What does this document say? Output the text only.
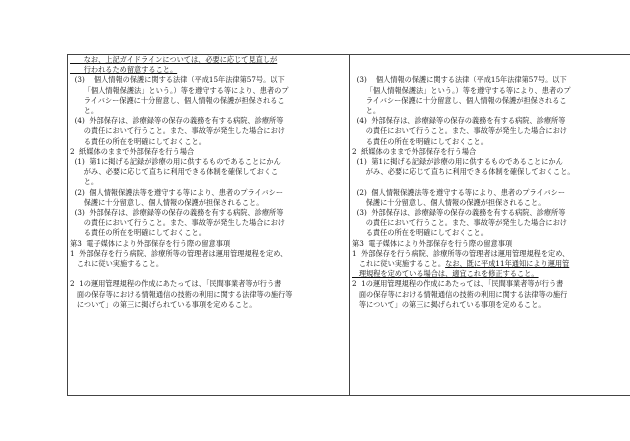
なお、上記ガイドラインについては、必要に応じて見直しが
行われるため留意すること。
(3)    個人情報の保護に関する法律（平成15年法律第57号。以下
「個人情報保護法」という。）等を遵守する等により、患者のプ
ライバシー保護に十分留意し、個人情報の保護が担保されるこ
と。
(4)  外部保存は、診療録等の保存の義務を有する病院、診療所等
の責任において行うこと。また、事故等が発生した場合におけ
る責任の所在を明確にしておくこと。
2  紙媒体のままで外部保存を行う場合
(1)  第1に掲げる記録が診療の用に供するものであることにかん
がみ、必要に応じて直ちに利用できる体制を確保しておくこ
と。
(2)  個人情報保護法等を遵守する等により、患者のプライバシー
保護に十分留意し、個人情報の保護が担保されること。
(3)  外部保存は、診療録等の保存の義務を有する病院、診療所等
の責任において行うこと。また、事故等が発生した場合におけ
る責任の所在を明確にしておくこと。
第3  電子媒体により外部保存を行う際の留意事項
1  外部保存を行う病院、診療所等の管理者は運用管理規程を定め、
これに従い実施すること。

2  1の運用管理規程の作成にあたっては、「民間事業者等が行う書
面の保存等における情報通信の技術の利用に関する法律等の施行等
について」の第三に掲げられている事項を定めること。

(3)    個人情報の保護に関する法律（平成15年法律第57号。以下
「個人情報保護法」という。）等を遵守する等により、患者のプ
ライバシー保護に十分留意し、個人情報の保護が担保されるこ
と。
(4)  外部保存は、診療録等の保存の義務を有する病院、診療所等
の責任において行うこと。また、事故等が発生した場合におけ
る責任の所在を明確にしておくこと。
2  紙媒体のままで外部保存を行う場合
(1)  第1に掲げる記録が診療の用に供するものであることにかん
がみ、必要に応じて直ちに利用できる体制を確保しておくこと。

(2)  個人情報保護法等を遵守する等により、患者のプライバシー
保護に十分留意し、個人情報の保護が担保されること。
(3)  外部保存は、診療録等の保存の義務を有する病院、診療所等
の責任において行うこと。また、事故等が発生した場合におけ
る責任の所在を明確にしておくこと。
第3  電子媒体により外部保存を行う際の留意事項
1  外部保存を行う病院、診療所等の管理者は運用管理規程を定め、
これに従い実施すること。なお、既に平成11年通知により運用管
理規程を定めている場合は、適宜これを修正すること。
2  1の運用管理規程の作成にあたっては、「民間事業者等が行う書
面の保存等における情報通信の技術の利用に関する法律等の施行
等について」の第三に掲げられている事項を定めること。
